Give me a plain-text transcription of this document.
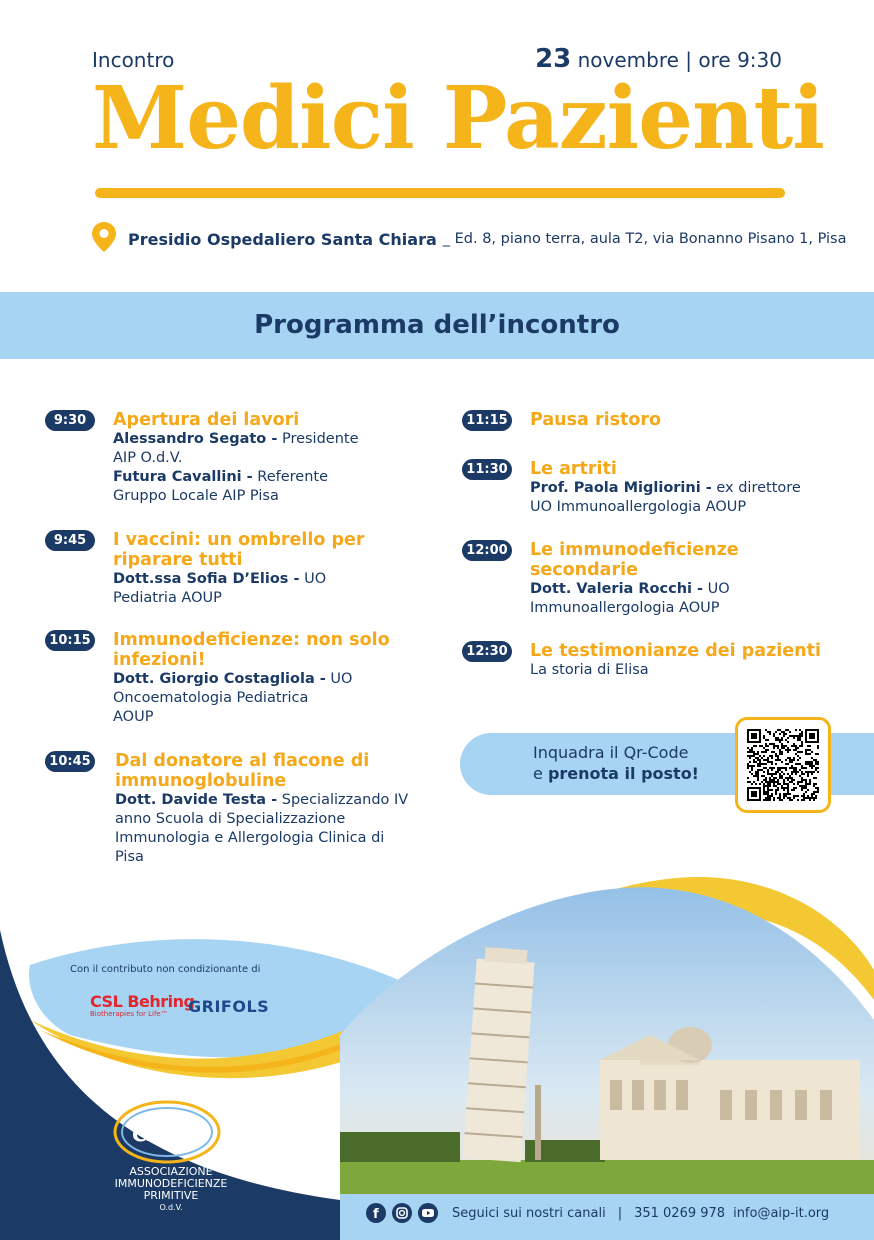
Incontro	23 novembre | ore 9:30
Medici Pazienti
Presidio Ospedaliero Santa Chiara _ Ed. 8, piano terra, aula T2, via Bonanno Pisano 1, Pisa
Programma dell’incontro
9:30	Apertura dei lavori
Alessandro Segato - Presidente
AIP O.d.V.
Futura Cavallini - Referente
Gruppo Locale AIP Pisa
9:45	I vaccini: un ombrello per
riparare tutti
Dott.ssa Sofia D’Elios - UO
Pediatria AOUP
10:15 Immunodeficienze: non solo
infezioni!
Dott. Giorgio Costagliola - UO
Oncoematologia Pediatrica
AOUP
10:45 Dal donatore al flacone di
immunoglobuline
Dott. Davide Testa - Specializzando IV
anno Scuola di Specializzazione
Immunologia e Allergologia Clinica di
Pisa
11:15 Pausa ristoro
11:30 Le artriti
Prof. Paola Migliorini - ex direttore
UO Immunoallergologia AOUP
12:00 Le immunodeficienze
secondarie
Dott. Valeria Rocchi - UO
Immunoallergologia AOUP
12:30 Le testimonianze dei pazienti
La storia di Elisa
Inquadra il Qr-Code
e prenota il posto!
Con il contributo non condizionante di
CSL Behring
Biotherapies for Life™ GRIFOLS
aip
®
ASSOCIAZIONE
IMMUNODEFICIENZE
PRIMITIVE
O.d.V.	f	Seguici sui nostri canali | 351 0269 978 info@aip-it.org
